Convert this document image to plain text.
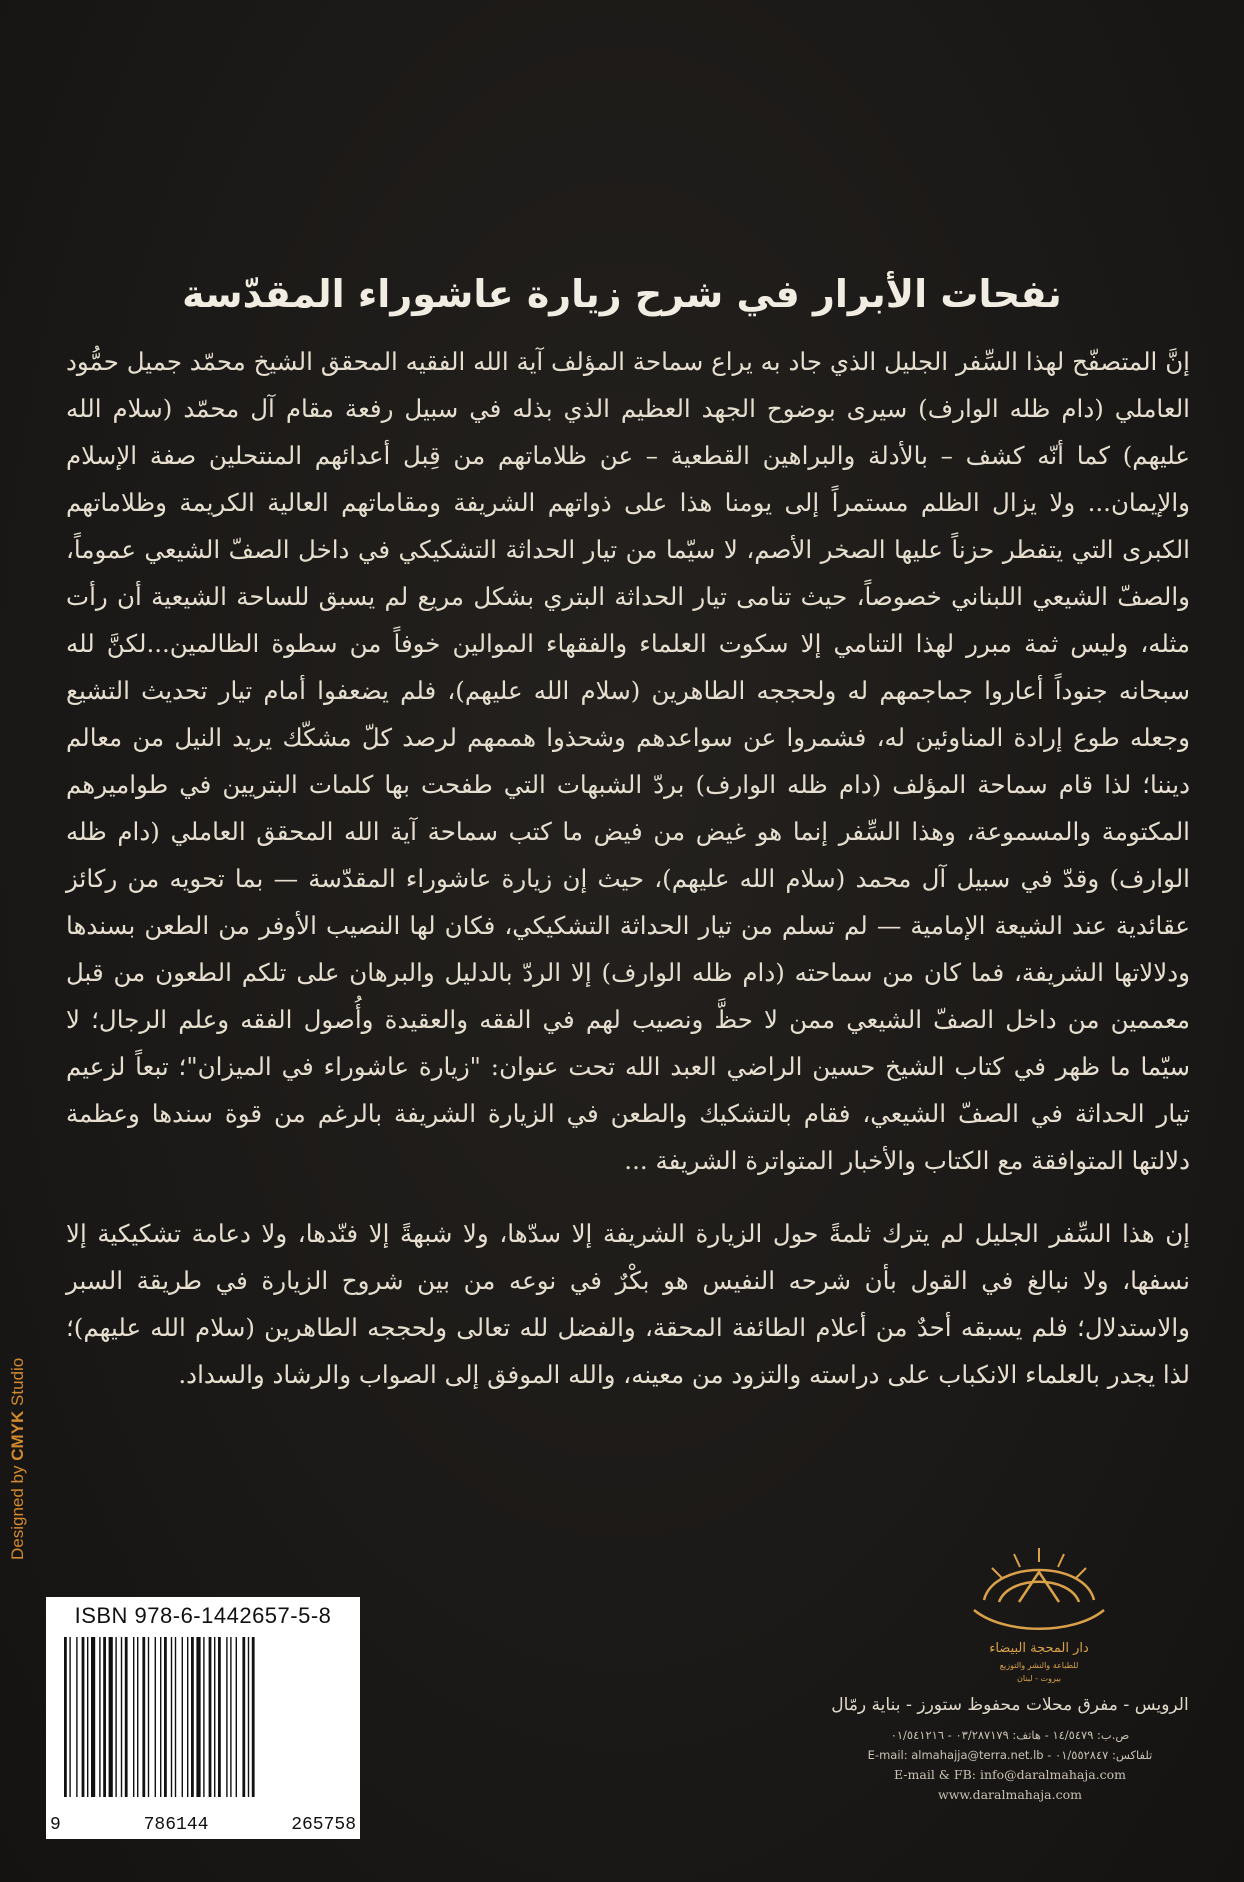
نفحات الأبرار في شرح زيارة عاشوراء المقدّسة

إنَّ المتصفّح لهذا السِّفر الجليل الذي جاد به يراع سماحة المؤلف آية الله الفقيه المحقق الشيخ محمّد جميل حمُّود العاملي (دام ظله الوارف) سيرى بوضوح الجهد العظيم الذي بذله في سبيل رفعة مقام آل محمّد (سلام الله عليهم) كما أنّه كشف – بالأدلة والبراهين القطعية – عن ظلاماتهم من قِبل أعدائهم المنتحلين صفة الإسلام والإيمان... ولا يزال الظلم مستمراً إلى يومنا هذا على ذواتهم الشريفة ومقاماتهم العالية الكريمة وظلاماتهم الكبرى التي يتفطر حزناً عليها الصخر الأصم، لا سيّما من تيار الحداثة التشكيكي في داخل الصفّ الشيعي عموماً، والصفّ الشيعي اللبناني خصوصاً، حيث تنامى تيار الحداثة البتري بشكل مريع لم يسبق للساحة الشيعية أن رأت مثله، وليس ثمة مبرر لهذا التنامي إلا سكوت العلماء والفقهاء الموالين خوفاً من سطوة الظالمين...لكنَّ لله سبحانه جنوداً أعاروا جماجمهم له ولحججه الطاهرين (سلام الله عليهم)، فلم يضعفوا أمام تيار تحديث التشيع وجعله طوع إرادة المناوئين له، فشمروا عن سواعدهم وشحذوا هممهم لرصد كلّ مشكّك يريد النيل من معالم ديننا؛ لذا قام سماحة المؤلف (دام ظله الوارف) بردّ الشبهات التي طفحت بها كلمات البتريين في طواميرهم المكتومة والمسموعة، وهذا السِّفر إنما هو غيض من فيض ما كتب سماحة آية الله المحقق العاملي (دام ظله الوارف) وقدّ في سبيل آل محمد (سلام الله عليهم)، حيث إن زيارة عاشوراء المقدّسة — بما تحويه من ركائز عقائدية عند الشيعة الإمامية — لم تسلم من تيار الحداثة التشكيكي، فكان لها النصيب الأوفر من الطعن بسندها ودلالاتها الشريفة، فما كان من سماحته (دام ظله الوارف) إلا الردّ بالدليل والبرهان على تلكم الطعون من قبل معممين من داخل الصفّ الشيعي ممن لا حظَّ ونصيب لهم في الفقه والعقيدة وأُصول الفقه وعلم الرجال؛ لا سيّما ما ظهر في كتاب الشيخ حسين الراضي العبد الله تحت عنوان: "زيارة عاشوراء في الميزان"؛ تبعاً لزعيم تيار الحداثة في الصفّ الشيعي، فقام بالتشكيك والطعن في الزيارة الشريفة بالرغم من قوة سندها وعظمة دلالتها المتوافقة مع الكتاب والأخبار المتواترة الشريفة ...

إن هذا السِّفر الجليل لم يترك ثلمةً حول الزيارة الشريفة إلا سدّها، ولا شبهةً إلا فنّدها، ولا دعامة تشكيكية إلا نسفها، ولا نبالغ في القول بأن شرحه النفيس هو بكْرٌ في نوعه من بين شروح الزيارة في طريقة السبر والاستدلال؛ فلم يسبقه أحدٌ من أعلام الطائفة المحقة، والفضل لله تعالى ولحججه الطاهرين (سلام الله عليهم)؛ لذا يجدر بالعلماء الانكباب على دراسته والتزود من معينه، والله الموفق إلى الصواب والرشاد والسداد.

Designed by CMYK Studio
ISBN 978-6-1442657-5-8
9	786144	265758
دار المحجة البيضاء
للطباعة والنشر والتوزيع
بيروت - لبنان
الرويس - مفرق محلات محفوظ ستورز - بناية رمّال
ص.ب: ١٤/٥٤٧٩ - هاتف: ٠٣/٢٨٧١٧٩ - ٠١/٥٤١٢١٦
تلفاكس: ٠١/٥٥٢٨٤٧ - E-mail: almahajja@terra.net.lb
E-mail & FB: info@daralmahaja.com
www.daralmahaja.com
